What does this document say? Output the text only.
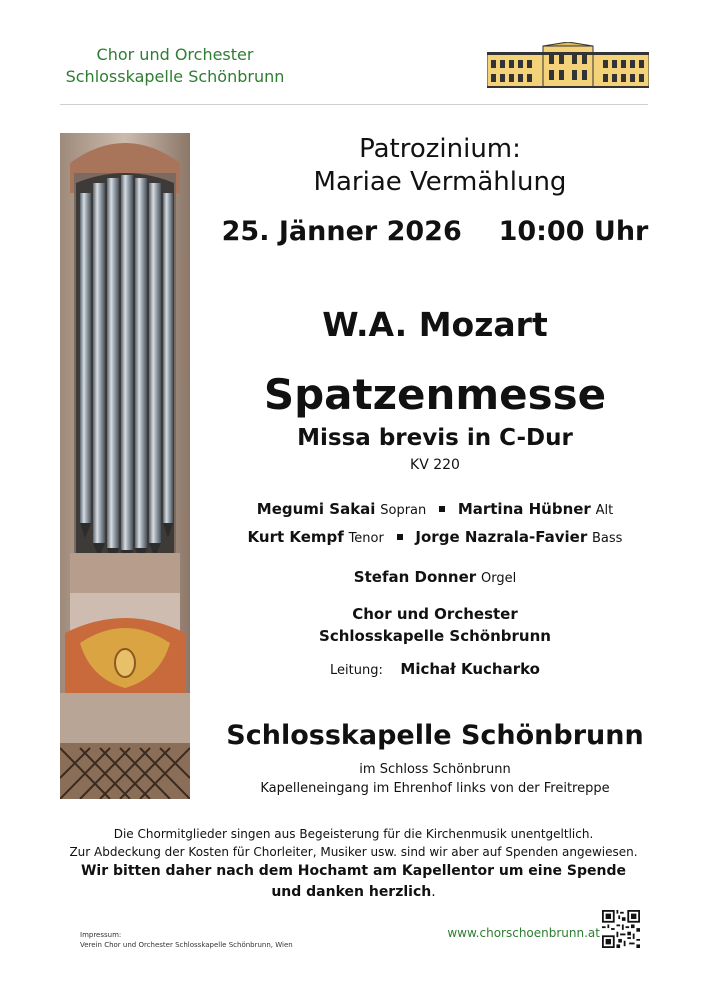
Chor und Orchester
Schlosskapelle Schönbrunn
Patrozinium:
Mariae Vermählung
25. Jänner 2026 10:00 Uhr
W.A. Mozart
Spatzenmesse
Missa brevis in C-Dur
KV 220
Megumi Sakai Sopran Martina Hübner Alt
Kurt Kempf Tenor Jorge Nazrala-Favier Bass
Stefan Donner Orgel
Chor und Orchester
Schlosskapelle Schönbrunn
Leitung: Michał Kucharko
Schlosskapelle Schönbrunn
im Schloss Schönbrunn
Kapelleneingang im Ehrenhof links von der Freitreppe
Die Chormitglieder singen aus Begeisterung für die Kirchenmusik unentgeltlich.
Zur Abdeckung der Kosten für Chorleiter, Musiker usw. sind wir aber auf Spenden angewiesen.
Wir bitten daher nach dem Hochamt am Kapellentor um eine Spende
und danken herzlich.
Impressum:
Verein Chor und Orchester Schlosskapelle Schönbrunn, Wien
www.chorschoenbrunn.at
